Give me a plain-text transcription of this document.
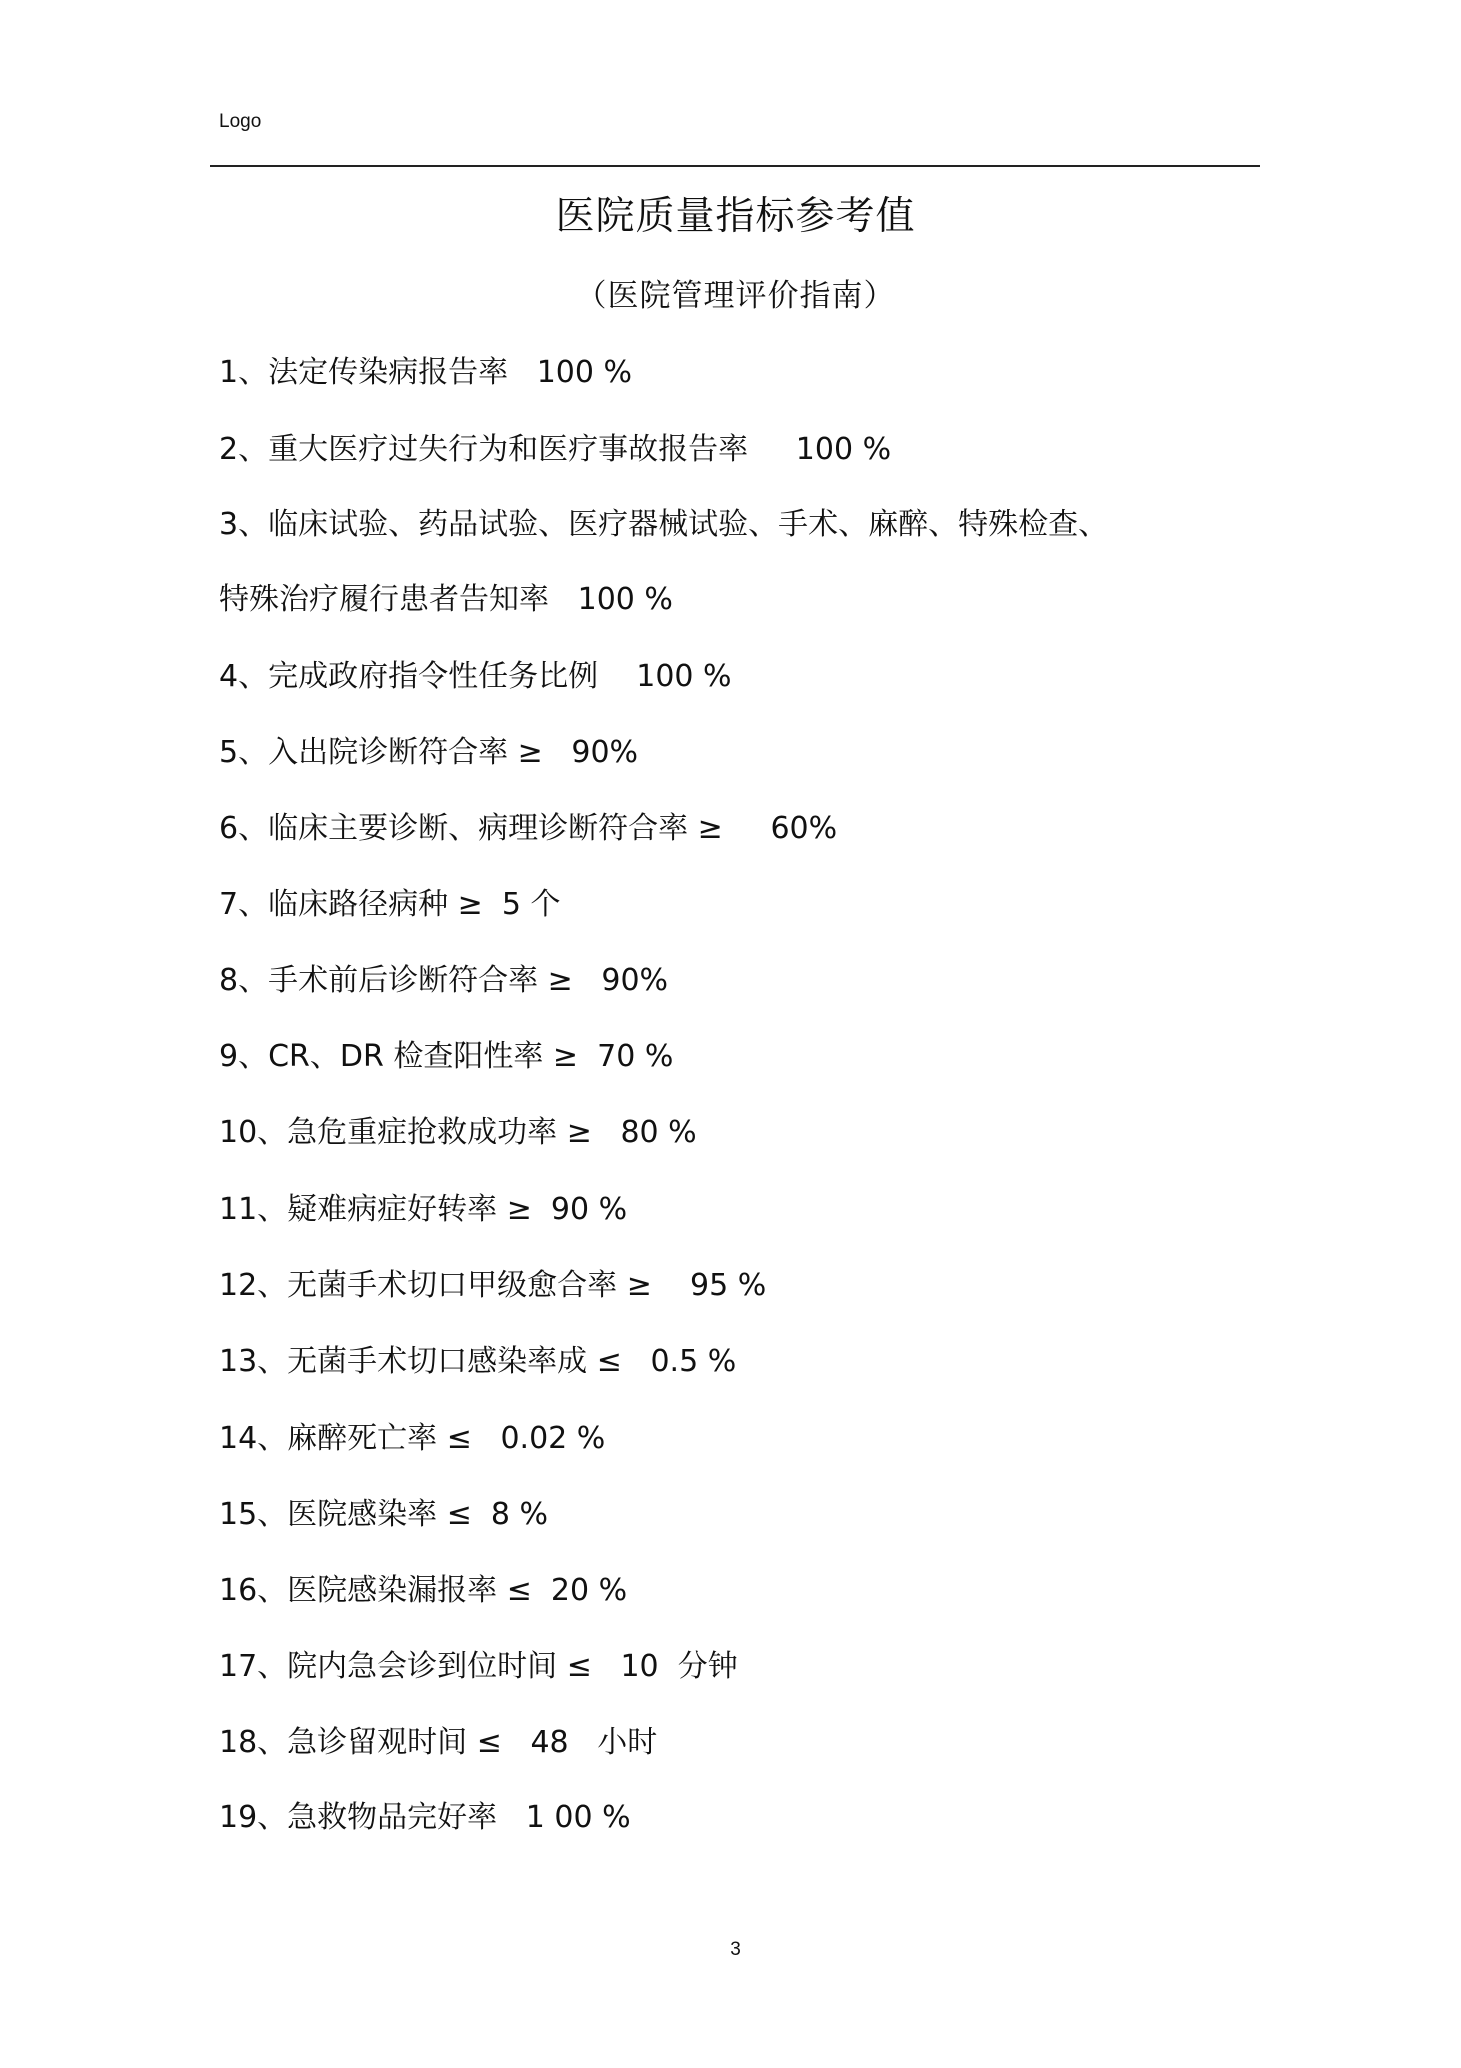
Logo
医院质量指标参考值
（医院管理评价指南）
1、法定传染病报告率   100 %
2、重大医疗过失行为和医疗事故报告率     100 %
3、临床试验、药品试验、医疗器械试验、手术、麻醉、特殊检查、
特殊治疗履行患者告知率   100 %
4、完成政府指令性任务比例    100 %
5、入出院诊断符合率 ≥   90%
6、临床主要诊断、病理诊断符合率 ≥     60%
7、临床路径病种 ≥  5 个
8、手术前后诊断符合率 ≥   90%
9、CR、DR 检查阳性率 ≥  70 %
10、急危重症抢救成功率 ≥   80 %
11、疑难病症好转率 ≥  90 %
12、无菌手术切口甲级愈合率 ≥    95 %
13、无菌手术切口感染率成 ≤   0.5 %
14、麻醉死亡率 ≤   0.02 %
15、医院感染率 ≤  8 %
16、医院感染漏报率 ≤  20 %
17、院内急会诊到位时间 ≤   10  分钟
18、急诊留观时间 ≤   48   小时
19、急救物品完好率   1 00 %
3
